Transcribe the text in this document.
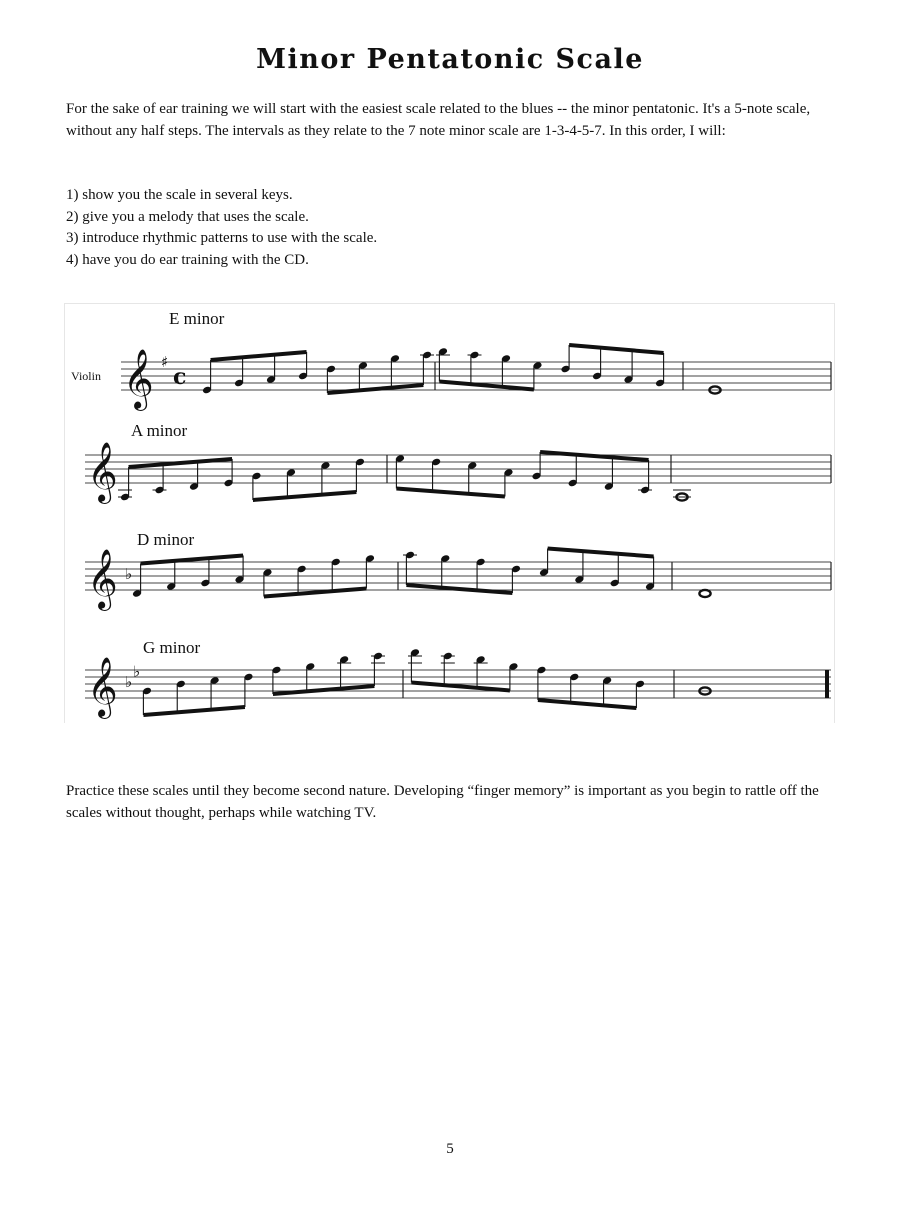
Minor Pentatonic Scale

For the sake of ear training we will start with the easiest scale related to the blues -- the minor pentatonic. It's a 5-note scale, without any half steps. The intervals as they relate to the 7 note minor scale are 1-3-4-5-7. In this order, I will:

1) show you the scale in several keys.
2) give you a melody that uses the scale.
3) introduce rhythmic patterns to use with the scale.
4) have you do ear training with the CD.
E minor
Violin 𝄞 ♯
c
A minor
𝄞
D minor
𝄞 ♭
G minor
𝄞 ♭
♭

Practice these scales until they become second nature. Developing “finger memory” is important as you begin to rattle off the scales without thought, perhaps while watching TV.

5
